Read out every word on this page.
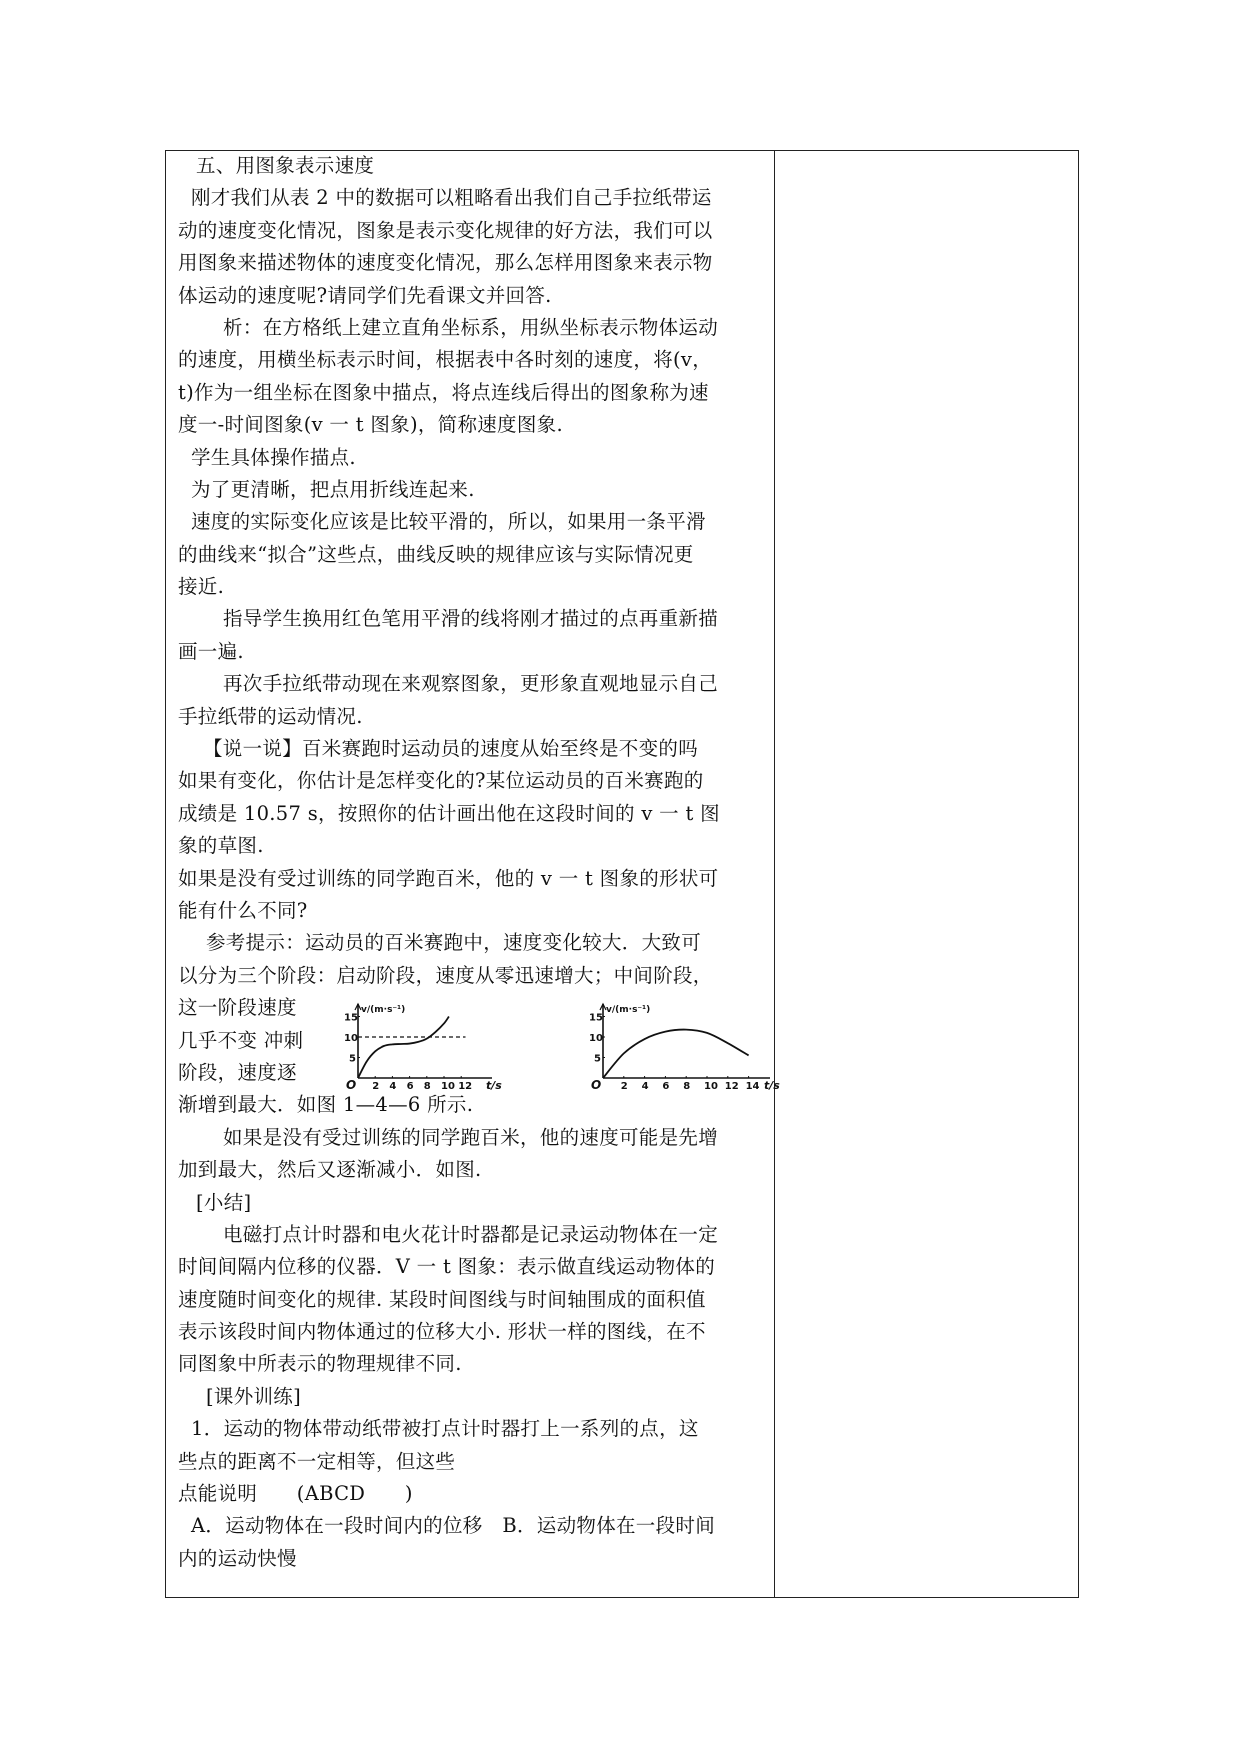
五、用图象表示速度
刚才我们从表 2 中的数据可以粗略看出我们自己手拉纸带运
动的速度变化情况，图象是表示变化规律的好方法，我们可以
用图象来描述物体的速度变化情况，那么怎样用图象来表示物
体运动的速度呢?请同学们先看课文并回答.
析：在方格纸上建立直角坐标系，用纵坐标表示物体运动
的速度，用横坐标表示时间，根据表中各时刻的速度，将(v，
t)作为一组坐标在图象中描点，将点连线后得出的图象称为速
度一-时间图象(v 一 t 图象)，简称速度图象.
学生具体操作描点.
为了更清晰，把点用折线连起来.
速度的实际变化应该是比较平滑的，所以，如果用一条平滑
的曲线来“拟合”这些点，曲线反映的规律应该与实际情况更
接近.
指导学生换用红色笔用平滑的线将刚才描过的点再重新描
画一遍.
再次手拉纸带动现在来观察图象，更形象直观地显示自己
手拉纸带的运动情况.
【说一说】百米赛跑时运动员的速度从始至终是不变的吗
如果有变化，你估计是怎样变化的?某位运动员的百米赛跑的
成绩是 10.57 s，按照你的估计画出他在这段时间的 v 一 t 图
象的草图.
如果是没有受过训练的同学跑百米，他的 v 一 t 图象的形状可
能有什么不同?
参考提示：运动员的百米赛跑中，速度变化较大．大致可
以分为三个阶段：启动阶段，速度从零迅速增大；中间阶段，
这一阶段速度
几乎不变 冲刺
阶段，速度逐
渐增到最大．如图 1—4—6 所示.
如果是没有受过训练的同学跑百米，他的速度可能是先增
加到最大，然后又逐渐减小．如图.
[小结]
电磁打点计时器和电火花计时器都是记录运动物体在一定
时间间隔内位移的仪器．V 一 t 图象：表示做直线运动物体的
速度随时间变化的规律. 某段时间图线与时间轴围成的面积值
表示该段时间内物体通过的位移大小. 形状一样的图线，在不
同图象中所表示的物理规律不同.
[课外训练]
1．运动的物体带动纸带被打点计时器打上一系列的点，这
些点的距离不一定相等，但这些
点能说明　　(ABCD　　)
A．运动物体在一段时间内的位移　B．运动物体在一段时间
内的运动快慢
v/(m·s⁻¹)
O 2 4 6 8 10 12 t/s
5
10
15
v/(m·s⁻¹)
O 2 4 6 8 10 12 14 t/s
5
10
15
